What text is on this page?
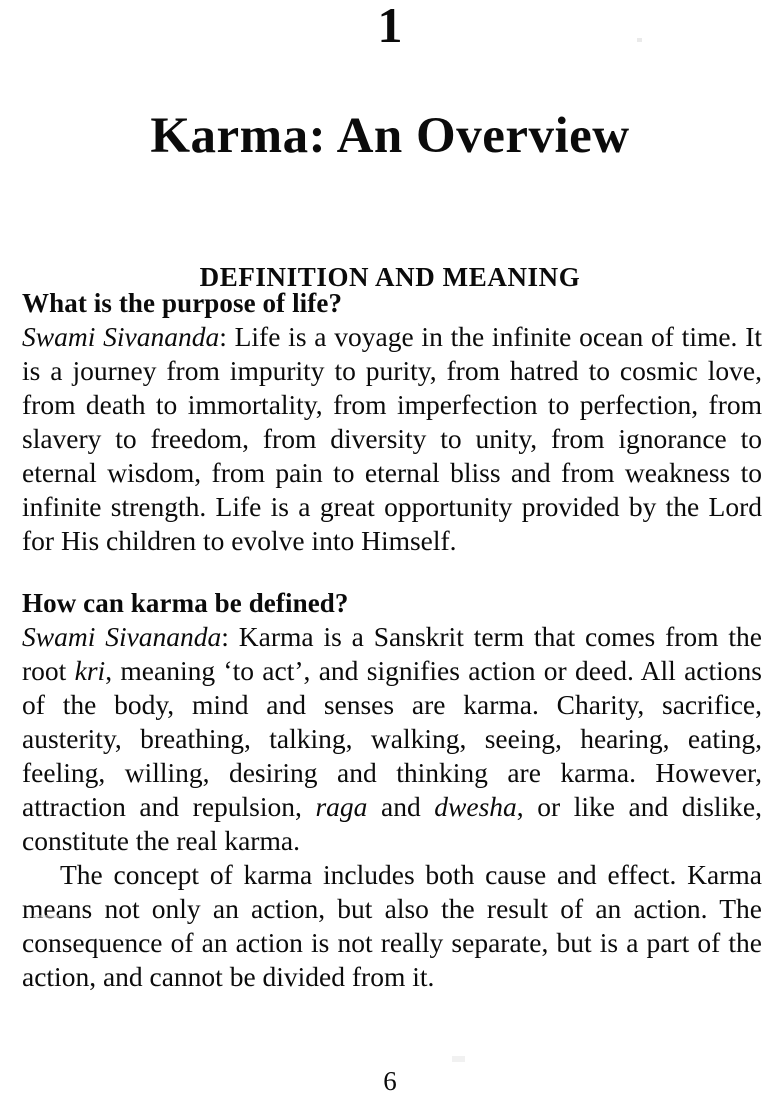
1
Karma: An Overview
DEFINITION AND MEANING

What is the purpose of life?

Swami Sivananda: Life is a voyage in the infinite ocean of time. It is a journey from impurity to purity, from hatred to cosmic love, from death to immortality, from imperfection to perfection, from slavery to freedom, from diversity to unity, from ignorance to eternal wisdom, from pain to eternal bliss and from weakness to infinite strength. Life is a great opportunity provided by the Lord for His children to evolve into Himself.

How can karma be defined?

Swami Sivananda: Karma is a Sanskrit term that comes from the root kri, meaning ‘to act’, and signifies action or deed. All actions of the body, mind and senses are karma. Charity, sacrifice, austerity, breathing, talking, walking, seeing, hearing, eating, feeling, willing, desiring and thinking are karma. However, attraction and repulsion, raga and dwesha, or like and dislike, constitute the real karma.

The concept of karma includes both cause and effect. Karma means not only an action, but also the result of an action. The consequence of an action is not really separate, but is a part of the action, and cannot be divided from it.

6
